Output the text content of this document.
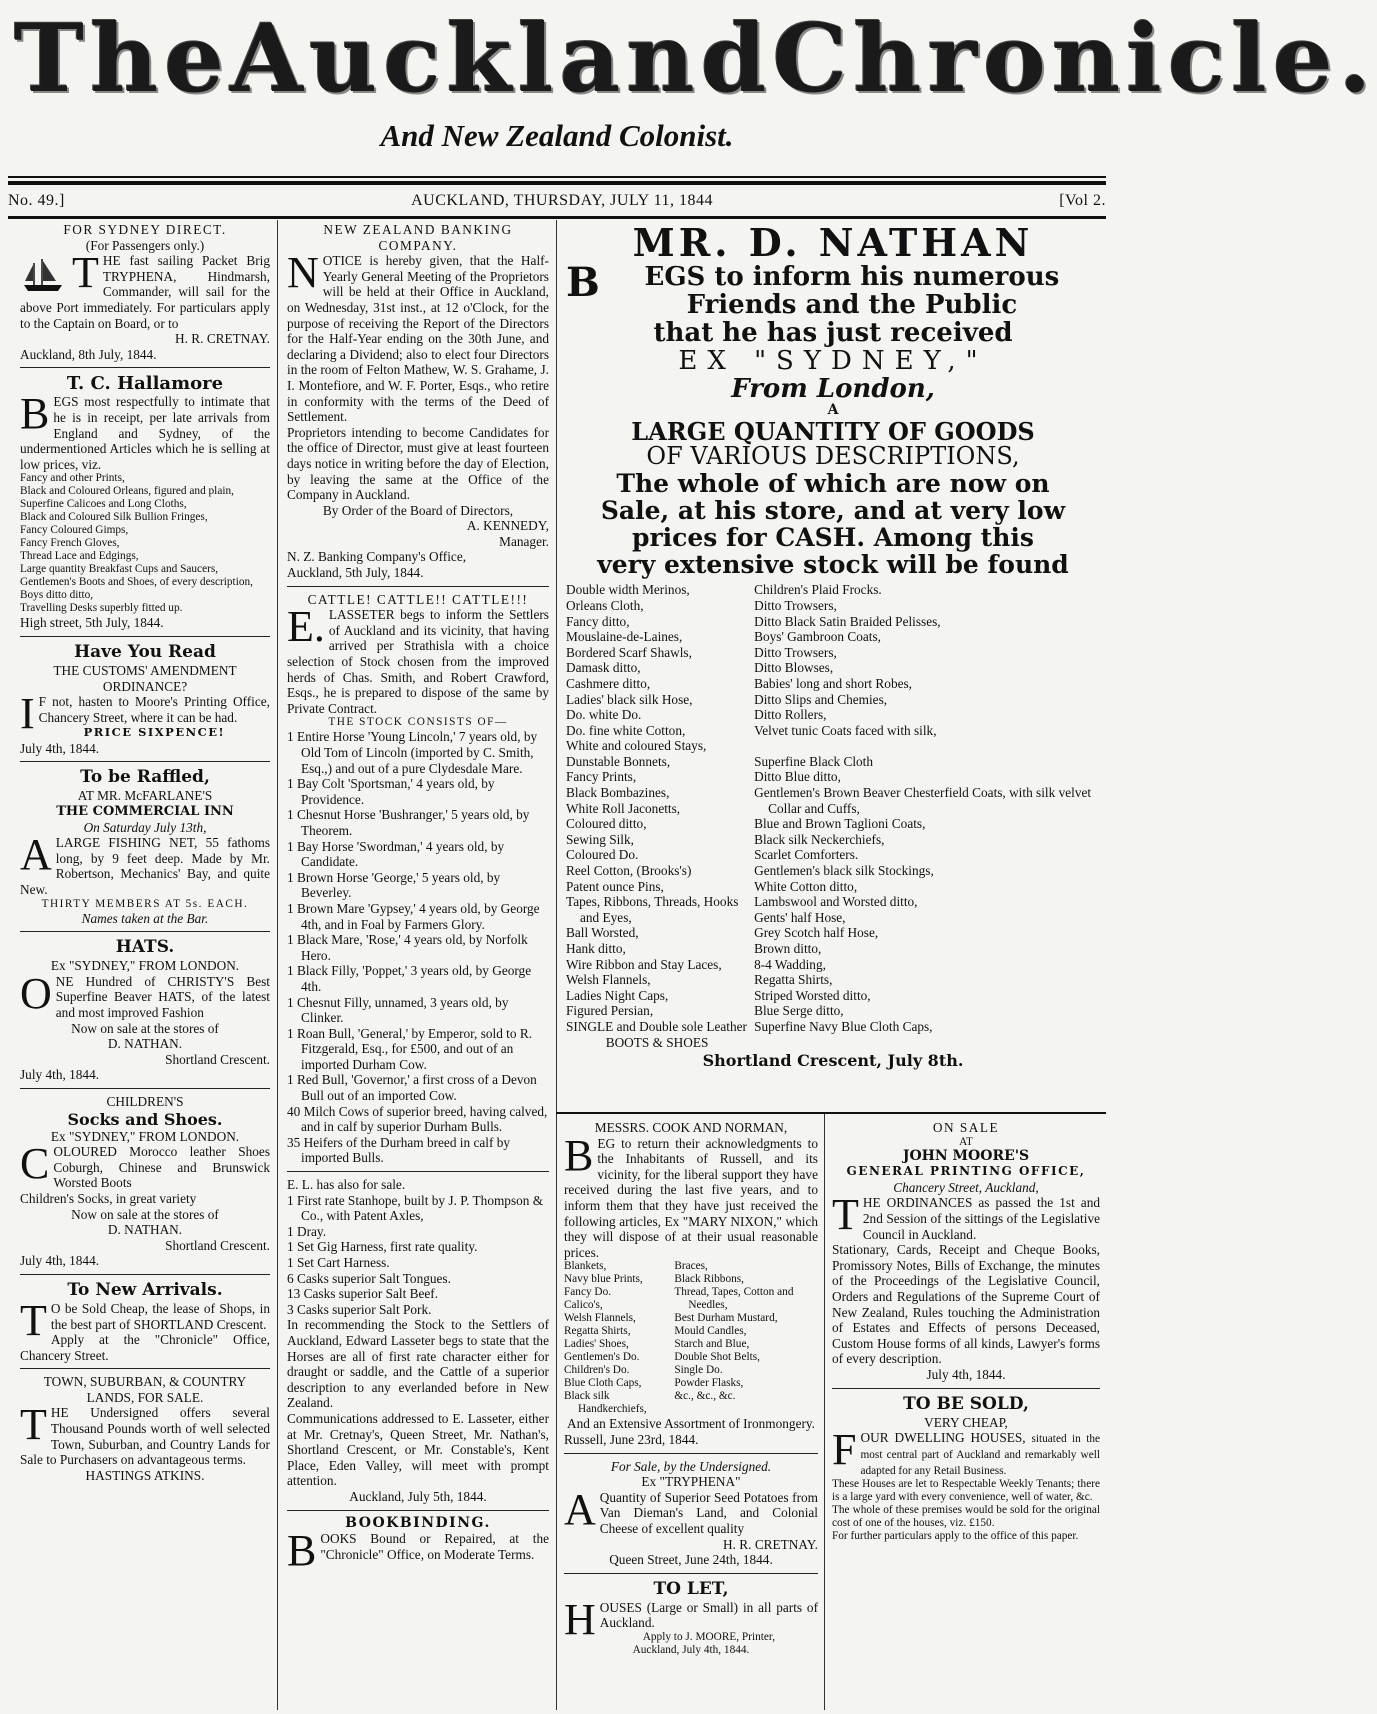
The Auckland Chronicle.
And New Zealand Colonist.
No. 49.]	AUCKLAND, THURSDAY, JULY 11, 1844	[Vol 2.

FOR SYDNEY DIRECT.

(For Passengers only.)

T HE fast sailing Packet Brig TRYPHENA, Hindmarsh, Commander, will sail for the above Port immediately. For particulars apply to the Captain on Board, or to

H. R. CRETNAY.

Auckland, 8th July, 1844.

T. C. Hallamore

BEGS most respectfully to intimate that he is in receipt, per late arrivals from England and Sydney, of the undermentioned Articles which he is selling at low prices, viz.

Fancy and other Prints,
Black and Coloured Orleans, figured and plain,
Superfine Calicoes and Long Cloths,
Black and Coloured Silk Bullion Fringes,
Fancy Coloured Gimps,
Fancy French Gloves,
Thread Lace and Edgings,
Large quantity Breakfast Cups and Saucers,
Gentlemen's Boots and Shoes, of every description,
Boys ditto ditto,
Travelling Desks superbly fitted up.

High street, 5th July, 1844.

Have You Read

THE CUSTOMS' AMENDMENT

ORDINANCE?

I F not, hasten to Moore's Printing Office, Chancery Street, where it can be had.

PRICE SIXPENCE!

July 4th, 1844.

To be Raffled,

AT MR. McFARLANE'S

THE COMMERCIAL INN

On Saturday July 13th,

ALARGE FISHING NET, 55 fathoms long, by 9 feet deep. Made by Mr. Robertson, Mechanics' Bay, and quite New.

THIRTY MEMBERS AT 5s. EACH.

Names taken at the Bar.

HATS.

Ex "SYDNEY," FROM LONDON.

ONE Hundred of CHRISTY'S Best Superfine Beaver HATS, of the latest and most improved Fashion

Now on sale at the stores of

D. NATHAN.

Shortland Crescent.

July 4th, 1844.

CHILDREN'S

Socks and Shoes.

Ex "SYDNEY," FROM LONDON.

COLOURED Morocco leather Shoes Coburgh, Chinese and Brunswick Worsted Boots

Children's Socks, in great variety

Now on sale at the stores of

D. NATHAN.

Shortland Crescent.

July 4th, 1844.

To New Arrivals.

T O be Sold Cheap, the lease of Shops, in the best part of SHORTLAND Crescent.

Apply at the "Chronicle" Office, Chancery Street.

TOWN, SUBURBAN, & COUNTRY LANDS, FOR SALE.

THE Undersigned offers several Thousand Pounds worth of well selected Town, Suburban, and Country Lands for Sale to Purchasers on advantageous terms.

HASTINGS ATKINS.

NEW ZEALAND BANKING COMPANY.

NOTICE is hereby given, that the Half-Yearly General Meeting of the Proprietors will be held at their Office in Auckland, on Wednesday, 31st inst., at 12 o'Clock, for the purpose of receiving the Report of the Directors for the Half-Year ending on the 30th June, and declaring a Dividend; also to elect four Directors in the room of Felton Mathew, W. S. Grahame, J. I. Montefiore, and W. F. Porter, Esqs., who retire in conformity with the terms of the Deed of Settlement.

Proprietors intending to become Candidates for the office of Director, must give at least fourteen days notice in writing before the day of Election, by leaving the same at the Office of the Company in Auckland.

By Order of the Board of Directors,

A. KENNEDY,

Manager.

N. Z. Banking Company's Office,

Auckland, 5th July, 1844.

CATTLE! CATTLE!! CATTLE!!!

E. LASSETER begs to inform the Settlers of Auckland and its vicinity, that having arrived per Strathisla with a choice selection of Stock chosen from the improved herds of Chas. Smith, and Robert Crawford, Esqs., he is prepared to dispose of the same by Private Contract.

THE STOCK CONSISTS OF—

1 Entire Horse 'Young Lincoln,' 7 years old, by Old Tom of Lincoln (imported by C. Smith, Esq.,) and out of a pure Clydesdale Mare.
1 Bay Colt 'Sportsman,' 4 years old, by Providence.
1 Chesnut Horse 'Bushranger,' 5 years old, by Theorem.
1 Bay Horse 'Swordman,' 4 years old, by Candidate.
1 Brown Horse 'George,' 5 years old, by Beverley.
1 Brown Mare 'Gypsey,' 4 years old, by George 4th, and in Foal by Farmers Glory.
1 Black Mare, 'Rose,' 4 years old, by Norfolk Hero.
1 Black Filly, 'Poppet,' 3 years old, by George 4th.
1 Chesnut Filly, unnamed, 3 years old, by Clinker.
1 Roan Bull, 'General,' by Emperor, sold to R. Fitzgerald, Esq., for £500, and out of an imported Durham Cow.
1 Red Bull, 'Governor,' a first cross of a Devon Bull out of an imported Cow.
40 Milch Cows of superior breed, having calved, and in calf by superior Durham Bulls.
35 Heifers of the Durham breed in calf by imported Bulls.

E. L. has also for sale.

1 First rate Stanhope, built by J. P. Thompson & Co., with Patent Axles,
1 Dray.
1 Set Gig Harness, first rate quality.
1 Set Cart Harness.
6 Casks superior Salt Tongues.
13 Casks superior Salt Beef.
3 Casks superior Salt Pork.

In recommending the Stock to the Settlers of Auckland, Edward Lasseter begs to state that the Horses are all of first rate character either for draught or saddle, and the Cattle of a superior description to any everlanded before in New Zealand.

Communications addressed to E. Lasseter, either at Mr. Cretnay's, Queen Street, Mr. Nathan's, Shortland Crescent, or Mr. Constable's, Kent Place, Eden Valley, will meet with prompt attention.

Auckland, July 5th, 1844.

BOOKBINDING.

BOOKS Bound or Repaired, at the "Chronicle" Office, on Moderate Terms.

MR. D. NATHAN

B EGS to inform his numerous

Friends and the Public

that he has just received

EX "SYDNEY,"

From London,

A

LARGE QUANTITY OF GOODS

OF VARIOUS DESCRIPTIONS,

The whole of which are now on

Sale, at his store, and at very low

prices for CASH. Among this

very extensive stock will be found

Double width Merinos,
Orleans Cloth,
Fancy ditto,
Mouslaine-de-Laines,
Bordered Scarf Shawls,
Damask ditto,
Cashmere ditto,
Ladies' black silk Hose,
Do. white Do.
Do. fine white Cotton,
White and coloured Stays,
Dunstable Bonnets,
Fancy Prints,
Black Bombazines,
White Roll Jaconetts,
Coloured ditto,
Sewing Silk,
Coloured Do.
Reel Cotton, (Brooks's)
Patent ounce Pins,
Tapes, Ribbons, Threads, Hooks and Eyes,
Ball Worsted,
Hank ditto,
Wire Ribbon and Stay Laces,
Welsh Flannels,
Ladies Night Caps,
Figured Persian,
SINGLE and Double sole Leather
BOOTS & SHOES
Children's Plaid Frocks.
Ditto Trowsers,
Ditto Black Satin Braided Pelisses,
Boys' Gambroon Coats,
Ditto Trowsers,
Ditto Blowses,
Babies' long and short Robes,
Ditto Slips and Chemies,
Ditto Rollers,
Velvet tunic Coats faced with silk,

Superfine Black Cloth
Ditto Blue ditto,
Gentlemen's Brown Beaver Chesterfield Coats, with silk velvet Collar and Cuffs,
Blue and Brown Taglioni Coats,
Black silk Neckerchiefs,
Scarlet Comforters.
Gentlemen's black silk Stockings,
White Cotton ditto,
Lambswool and Worsted ditto,
Gents' half Hose,
Grey Scotch half Hose,
Brown ditto,
8-4 Wadding,
Regatta Shirts,
Striped Worsted ditto,
Blue Serge ditto,
Superfine Navy Blue Cloth Caps,

Shortland Crescent, July 8th.

MESSRS. COOK AND NORMAN,

BEG to return their acknowledgments to the Inhabitants of Russell, and its vicinity, for the liberal support they have received during the last five years, and to inform them that they have just received the following articles, Ex "MARY NIXON," which they will dispose of at their usual reasonable prices.

Blankets,
Navy blue Prints,
Fancy Do.
Calico's,
Welsh Flannels,
Regatta Shirts,
Ladies' Shoes,
Gentlemen's Do.
Children's Do.
Blue Cloth Caps,
Black silk Handkerchiefs,
Braces,
Black Ribbons,
Thread, Tapes, Cotton and Needles,
Best Durham Mustard,
Mould Candles,
Starch and Blue,
Double Shot Belts,
Single Do.
Powder Flasks,
&c., &c., &c.

And an Extensive Assortment of Ironmongery.

Russell, June 23rd, 1844.

For Sale, by the Undersigned.

Ex "TRYPHENA"

A Quantity of Superior Seed Potatoes from Van Dieman's Land, and Colonial Cheese of excellent quality

H. R. CRETNAY.

Queen Street, June 24th, 1844.

TO LET,

HOUSES (Large or Small) in all parts of Auckland.

Apply to J. MOORE, Printer,

Auckland, July 4th, 1844.

ON SALE

AT

JOHN MOORE'S

GENERAL PRINTING OFFICE,

Chancery Street, Auckland,

THE ORDINANCES as passed the 1st and 2nd Session of the sittings of the Legislative Council in Auckland.

Stationary, Cards, Receipt and Cheque Books, Promissory Notes, Bills of Exchange, the minutes of the Proceedings of the Legislative Council, Orders and Regulations of the Supreme Court of New Zealand, Rules touching the Administration of Estates and Effects of persons Deceased, Custom House forms of all kinds, Lawyer's forms of every description.

July 4th, 1844.

TO BE SOLD,

VERY CHEAP,

FOUR DWELLING HOUSES, situated in the most central part of Auckland and remarkably well adapted for any Retail Business.

These Houses are let to Respectable Weekly Tenants; there is a large yard with every convenience, well of water, &c.

The whole of these premises would be sold for the original cost of one of the houses, viz. £150.

For further particulars apply to the office of this paper.
